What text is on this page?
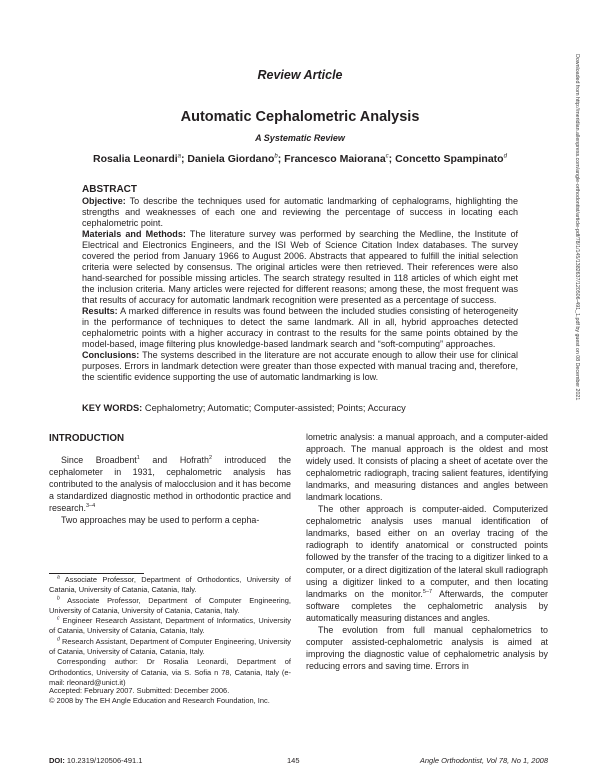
Review Article
Automatic Cephalometric Analysis
A Systematic Review
Rosalia Leonardi$^a$; Daniela Giordano$^b$; Francesco Maiorana$^c$; Concetto Spampinato$^d$

ABSTRACT

Objective: To describe the techniques used for automatic landmarking of cephalograms, highlighting the strengths and weaknesses of each one and reviewing the percentage of success in locating each cephalometric point.

Materials and Methods: The literature survey was performed by searching the Medline, the Institute of Electrical and Electronics Engineers, and the ISI Web of Science Citation Index databases. The survey covered the period from January 1966 to August 2006. Abstracts that appeared to fulfill the initial selection criteria were selected by consensus. The original articles were then retrieved. Their references were also hand-searched for possible missing articles. The search strategy resulted in 118 articles of which eight met the inclusion criteria. Many articles were rejected for different reasons; among these, the most frequent was that results of accuracy for automatic landmark recognition were presented as a percentage of success.

Results: A marked difference in results was found between the included studies consisting of heterogeneity in the performance of techniques to detect the same landmark. All in all, hybrid approaches detected cephalometric points with a higher accuracy in contrast to the results for the same points obtained by the model-based, image filtering plus knowledge-based landmark search and “soft-computing” approaches.

Conclusions: The systems described in the literature are not accurate enough to allow their use for clinical purposes. Errors in landmark detection were greater than those expected with manual tracing and, therefore, the scientific evidence supporting the use of automatic landmarking is low.

KEY WORDS: Cephalometry; Automatic; Computer-assisted; Points; Accuracy
Downloaded from http://meridian.allenpress.com/angle-orthodontist/article-pdf/78/1/145/1382637/120506-491_1.pdf by guest on 08 December 2021

INTRODUCTION

Since Broadbent$^1$ and Hofrath$^2$ introduced the cephalometer in 1931, cephalometric analysis has contributed to the analysis of malocclusion and it has become a standardized diagnostic method in orthodontic practice and research.$^{3-4}$

Two approaches may be used to perform a cepha-

lometric analysis: a manual approach, and a computer-aided approach. The manual approach is the oldest and most widely used. It consists of placing a sheet of acetate over the cephalometric radiograph, tracing salient features, identifying landmarks, and measuring distances and angles between landmark locations.

The other approach is computer-aided. Computerized cephalometric analysis uses manual identification of landmarks, based either on an overlay tracing of the radiograph to identify anatomical or constructed points followed by the transfer of the tracing to a digitizer linked to a computer, or a direct digitization of the lateral skull radiograph using a digitizer linked to a computer, and then locating landmarks on the monitor.$^{5-7}$ Afterwards, the computer software completes the cephalometric analysis by automatically measuring distances and angles.

The evolution from full manual cephalometrics to computer assisted-cephalometric analysis is aimed at improving the diagnostic value of cephalometric analysis by reducing errors and saving time. Errors in

$^a$ Associate Professor, Department of Orthodontics, University of Catania, University of Catania, Catania, Italy.

$^b$ Associate Professor, Department of Computer Engineering, University of Catania, University of Catania, Catania, Italy.

$^c$ Engineer Research Assistant, Department of Informatics, University of Catania, University of Catania, Catania, Italy.

$^d$ Research Assistant, Department of Computer Engineering, University of Catania, University of Catania, Catania, Italy.

Corresponding author: Dr Rosalia Leonardi, Department of Orthodontics, University of Catania, via S. Sofia n 78, Catania, Italy (e-mail: rleonard@unict.it)

Accepted: February 2007. Submitted: December 2006.

© 2008 by The EH Angle Education and Research Foundation, Inc.

DOI: 10.2319/120506-491.1	145	Angle Orthodontist, Vol 78, No 1, 2008
